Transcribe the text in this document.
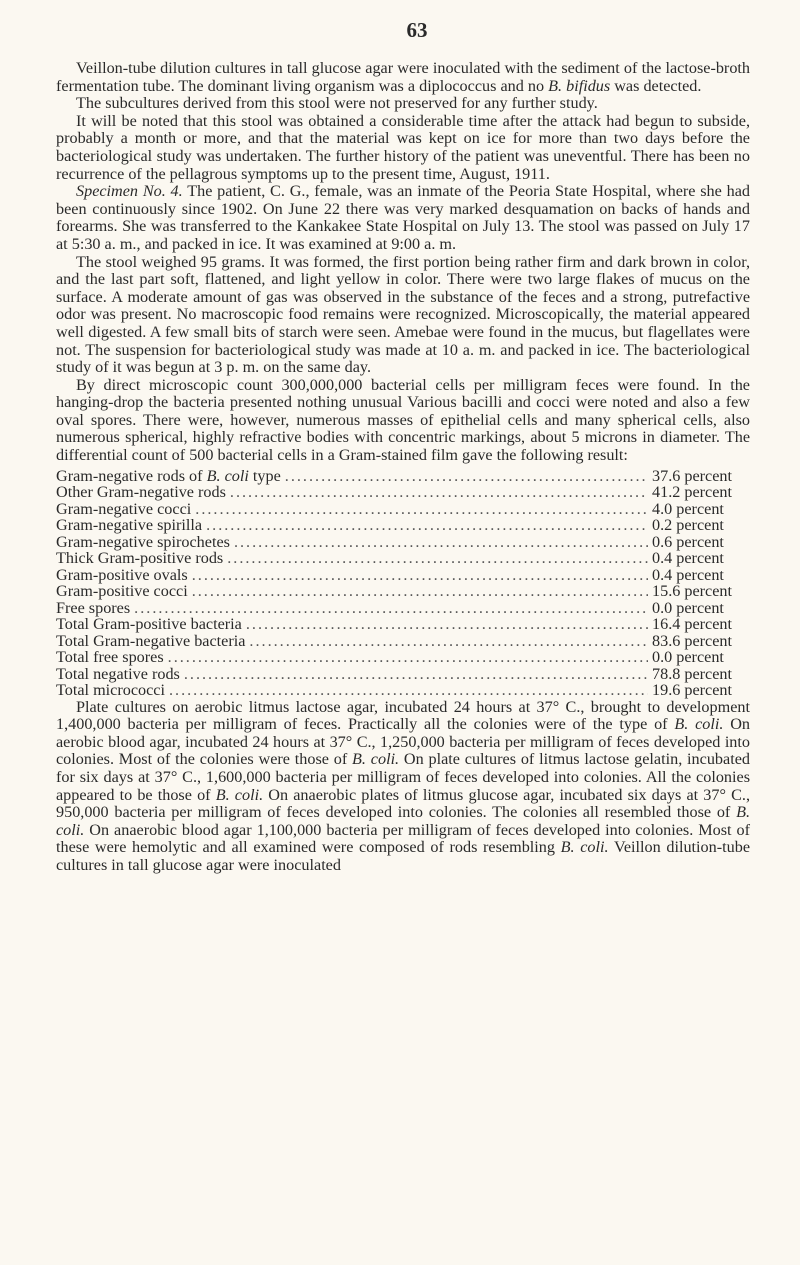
63

Veillon-tube dilution cultures in tall glucose agar were inoculated with the sediment of the lactose-broth fermentation tube. The dominant living organism was a diplococcus and no B. bifidus was detected.

The subcultures derived from this stool were not preserved for any further study.

It will be noted that this stool was obtained a considerable time after the attack had begun to subside, probably a month or more, and that the material was kept on ice for more than two days before the bacteriological study was undertaken. The further history of the patient was uneventful. There has been no recurrence of the pellagrous symptoms up to the present time, August, 1911.

Specimen No. 4. The patient, C. G., female, was an inmate of the Peoria State Hospital, where she had been continuously since 1902. On June 22 there was very marked desquamation on backs of hands and forearms. She was transferred to the Kankakee State Hospital on July 13. The stool was passed on July 17 at 5:30 a. m., and packed in ice. It was examined at 9:00 a. m.

The stool weighed 95 grams. It was formed, the first portion being rather firm and dark brown in color, and the last part soft, flattened, and light yellow in color. There were two large flakes of mucus on the surface. A moderate amount of gas was observed in the substance of the feces and a strong, putrefactive odor was present. No macroscopic food remains were recognized. Microscopically, the material appeared well digested. A few small bits of starch were seen. Amebae were found in the mucus, but flagellates were not. The suspension for bacteriological study was made at 10 a. m. and packed in ice. The bacteriological study of it was begun at 3 p. m. on the same day.

By direct microscopic count 300,000,000 bacterial cells per milligram feces were found. In the hanging-drop the bacteria presented nothing unusual Various bacilli and cocci were noted and also a few oval spores. There were, however, numerous masses of epithelial cells and many spherical cells, also numerous spherical, highly refractive bodies with concentric markings, about 5 microns in diameter. The differential count of 500 bacterial cells in a Gram-stained film gave the following result:

Gram-negative rods of B. coli type .....	37.6 percent
Other Gram-negative rods .....	41.2 percent
Gram-negative cocci .....	4.0 percent
Gram-negative spirilla .....	0.2 percent
Gram-negative spirochetes .....	0.6 percent
Thick Gram-positive rods .....	0.4 percent
Gram-positive ovals .....	0.4 percent
Gram-positive cocci .....	15.6 percent
Free spores .....	0.0 percent
Total Gram-positive bacteria .....	16.4 percent
Total Gram-negative bacteria .....	83.6 percent
Total free spores .....	0.0 percent
Total negative rods .....	78.8 percent
Total micrococci .....	19.6 percent

Plate cultures on aerobic litmus lactose agar, incubated 24 hours at 37° C., brought to development 1,400,000 bacteria per milligram of feces. Practically all the colonies were of the type of B. coli. On aerobic blood agar, incubated 24 hours at 37° C., 1,250,000 bacteria per milligram of feces developed into colonies. Most of the colonies were those of B. coli. On plate cultures of litmus lactose gelatin, incubated for six days at 37° C., 1,600,000 bacteria per milligram of feces developed into colonies. All the colonies appeared to be those of B. coli. On anaerobic plates of litmus glucose agar, incubated six days at 37° C., 950,000 bacteria per milligram of feces developed into colonies. The colonies all resembled those of B. coli. On anaerobic blood agar 1,100,000 bacteria per milligram of feces developed into colonies. Most of these were hemolytic and all examined were composed of rods resembling B. coli. Veillon dilution-tube cultures in tall glucose agar were inoculated
